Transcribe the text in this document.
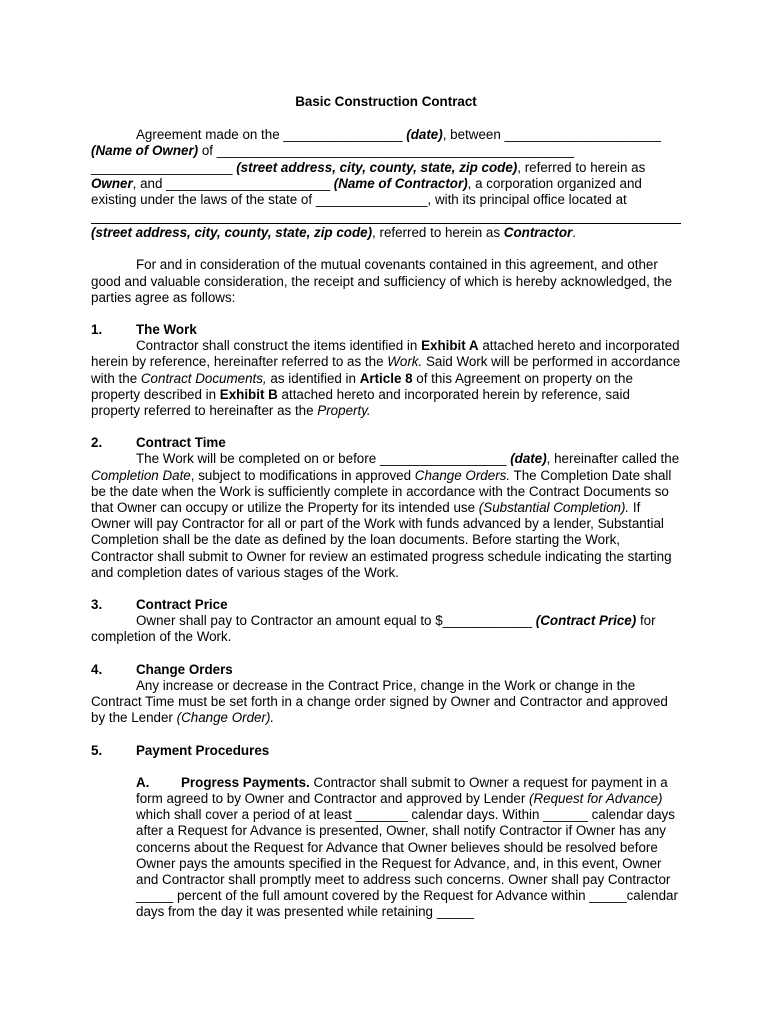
Basic Construction Contract

Agreement made on the ________________ (date), between _____________________ (Name of Owner) of ________________________________________________ ___________________ (street address, city, county, state, zip code), referred to herein as Owner, and ______________________ (Name of Contractor), a corporation organized and existing under the laws of the state of _______________, with its principal office located at

(street address, city, county, state, zip code), referred to herein as Contractor.

For and in consideration of the mutual covenants contained in this agreement, and other good and valuable consideration, the receipt and sufficiency of which is hereby acknowledged, the parties agree as follows:

1.	The Work

Contractor shall construct the items identified in Exhibit A attached hereto and incorporated herein by reference, hereinafter referred to as the Work. Said Work will be performed in accordance with the Contract Documents, as identified in Article 8 of this Agreement on property on the property described in Exhibit B attached hereto and incorporated herein by reference, said property referred to hereinafter as the Property.

2.	Contract Time

The Work will be completed on or before _________________ (date), hereinafter called the Completion Date, subject to modifications in approved Change Orders. The Completion Date shall be the date when the Work is sufficiently complete in accordance with the Contract Documents so that Owner can occupy or utilize the Property for its intended use (Substantial Completion). If Owner will pay Contractor for all or part of the Work with funds advanced by a lender, Substantial Completion shall be the date as defined by the loan documents. Before starting the Work, Contractor shall submit to Owner for review an estimated progress schedule indicating the starting and completion dates of various stages of the Work.

3.	Contract Price

Owner shall pay to Contractor an amount equal to $____________ (Contract Price) for completion of the Work.

4.	Change Orders

Any increase or decrease in the Contract Price, change in the Work or change in the Contract Time must be set forth in a change order signed by Owner and Contractor and approved by the Lender (Change Order).

5.	Payment Procedures

A. Progress Payments. Contractor shall submit to Owner a request for payment in a form agreed to by Owner and Contractor and approved by Lender (Request for Advance) which shall cover a period of at least _______ calendar days. Within ______ calendar days after a Request for Advance is presented, Owner, shall notify Contractor if Owner has any concerns about the Request for Advance that Owner believes should be resolved before Owner pays the amounts specified in the Request for Advance, and, in this event, Owner and Contractor shall promptly meet to address such concerns. Owner shall pay Contractor _____ percent of the full amount covered by the Request for Advance within _____calendar days from the day it was presented while retaining _____
